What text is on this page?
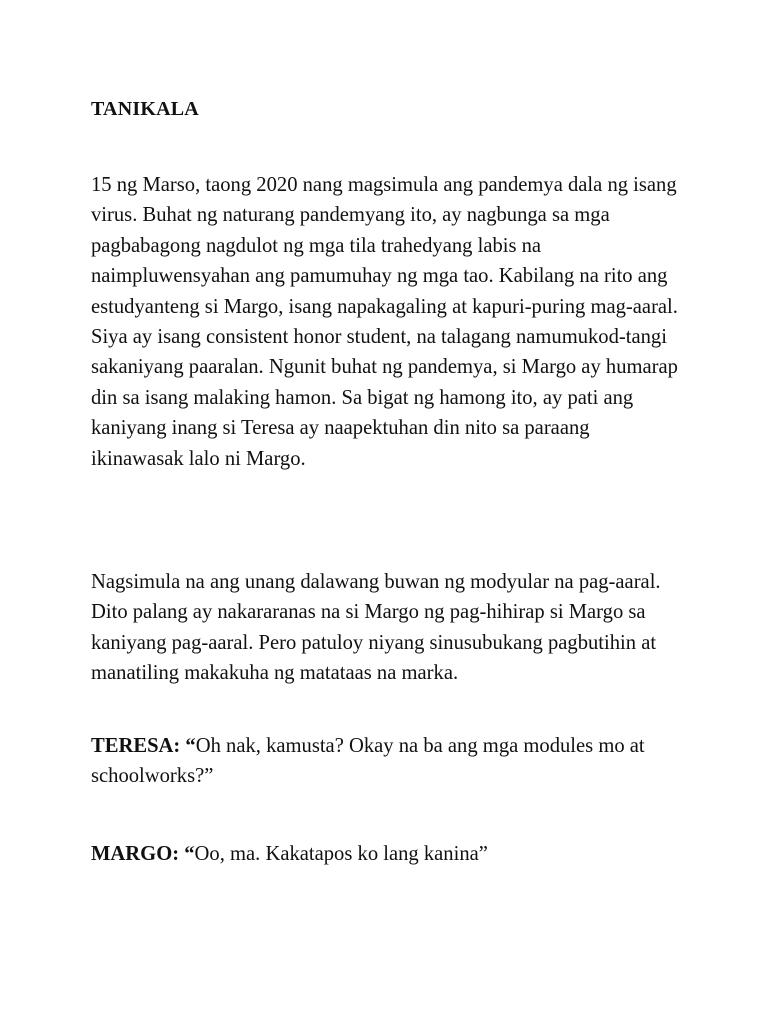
TANIKALA

15 ng Marso, taong 2020 nang magsimula ang pandemya dala ng isang virus. Buhat ng naturang pandemyang ito, ay nagbunga sa mga pagbabagong nagdulot ng mga tila trahedyang labis na naimpluwensyahan ang pamumuhay ng mga tao. Kabilang na rito ang estudyanteng si Margo, isang napakagaling at kapuri-puring mag-aaral. Siya ay isang consistent honor student, na talagang namumukod-tangi sakaniyang paaralan. Ngunit buhat ng pandemya, si Margo ay humarap din sa isang malaking hamon. Sa bigat ng hamong ito, ay pati ang kaniyang inang si Teresa ay naapektuhan din nito sa paraang ikinawasak lalo ni Margo.

Nagsimula na ang unang dalawang buwan ng modyular na pag-aaral. Dito palang ay nakararanas na si Margo ng pag-hihirap si Margo sa kaniyang pag-aaral. Pero patuloy niyang sinusubukang pagbutihin at manatiling makakuha ng matataas na marka.

TERESA: “Oh nak, kamusta? Okay na ba ang mga modules mo at schoolworks?”

MARGO: “Oo, ma. Kakatapos ko lang kanina”
